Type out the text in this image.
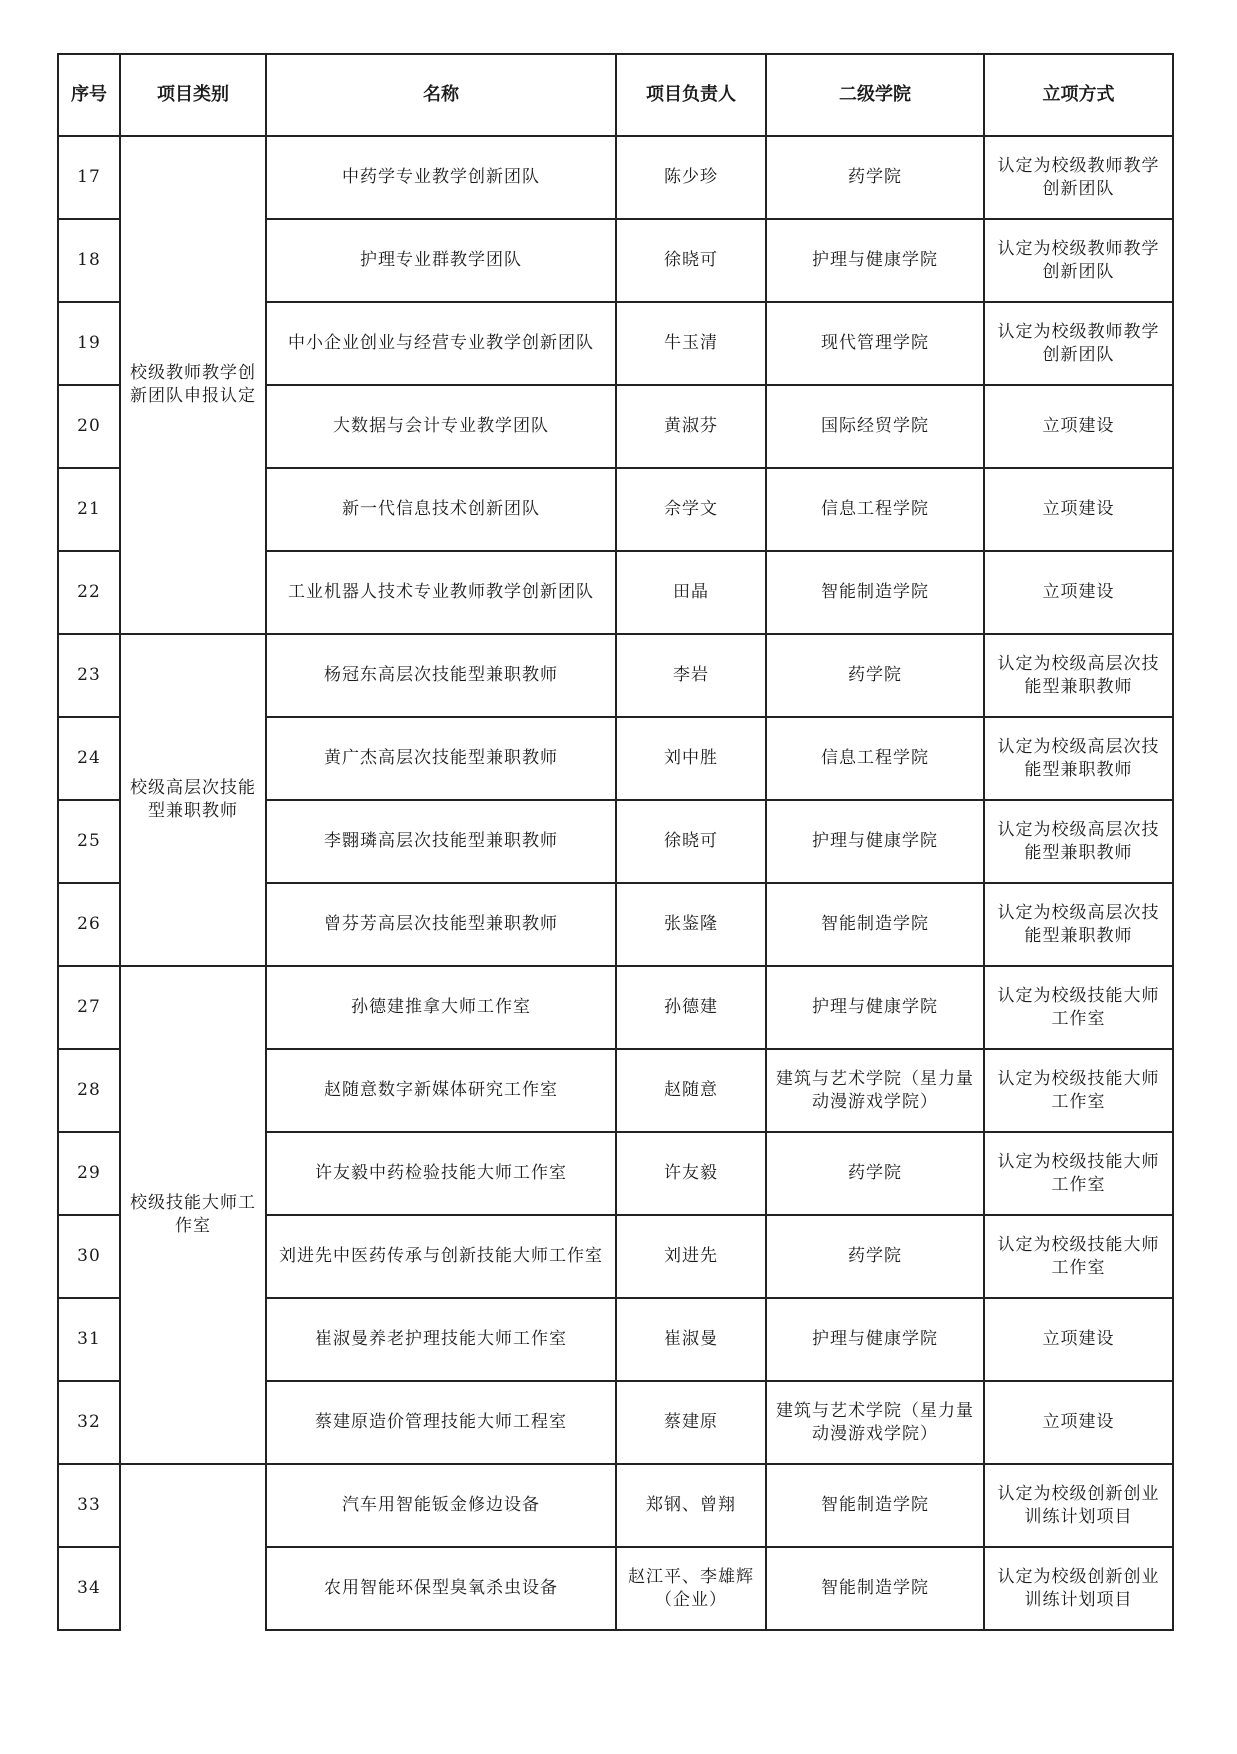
序号	项目类别	名称	项目负责人	二级学院	立项方式
17	校级教师教学创新团队申报认定	中药学专业教学创新团队	陈少珍	药学院	认定为校级教师教学创新团队
18		护理专业群教学团队	徐晓可	护理与健康学院	认定为校级教师教学创新团队
19		中小企业创业与经营专业教学创新团队	牛玉清	现代管理学院	认定为校级教师教学创新团队
20		大数据与会计专业教学团队	黄淑芬	国际经贸学院	立项建设
21		新一代信息技术创新团队	佘学文	信息工程学院	立项建设
22		工业机器人技术专业教师教学创新团队	田晶	智能制造学院	立项建设
23	校级高层次技能型兼职教师	杨冠东高层次技能型兼职教师	李岩	药学院	认定为校级高层次技能型兼职教师
24		黄广杰高层次技能型兼职教师	刘中胜	信息工程学院	认定为校级高层次技能型兼职教师
25		李翾璘高层次技能型兼职教师	徐晓可	护理与健康学院	认定为校级高层次技能型兼职教师
26		曾芬芳高层次技能型兼职教师	张鉴隆	智能制造学院	认定为校级高层次技能型兼职教师
27	校级技能大师工作室	孙德建推拿大师工作室	孙德建	护理与健康学院	认定为校级技能大师工作室
28		赵随意数字新媒体研究工作室	赵随意	建筑与艺术学院（星力量动漫游戏学院）	认定为校级技能大师工作室
29		许友毅中药检验技能大师工作室	许友毅	药学院	认定为校级技能大师工作室
30		刘进先中医药传承与创新技能大师工作室	刘进先	药学院	认定为校级技能大师工作室
31		崔淑曼养老护理技能大师工作室	崔淑曼	护理与健康学院	立项建设
32		蔡建原造价管理技能大师工程室	蔡建原	建筑与艺术学院（星力量动漫游戏学院）	立项建设
33		汽车用智能钣金修边设备	郑钢、曾翔	智能制造学院	认定为校级创新创业训练计划项目
34		农用智能环保型臭氧杀虫设备	赵江平、李雄辉（企业）	智能制造学院	认定为校级创新创业训练计划项目
